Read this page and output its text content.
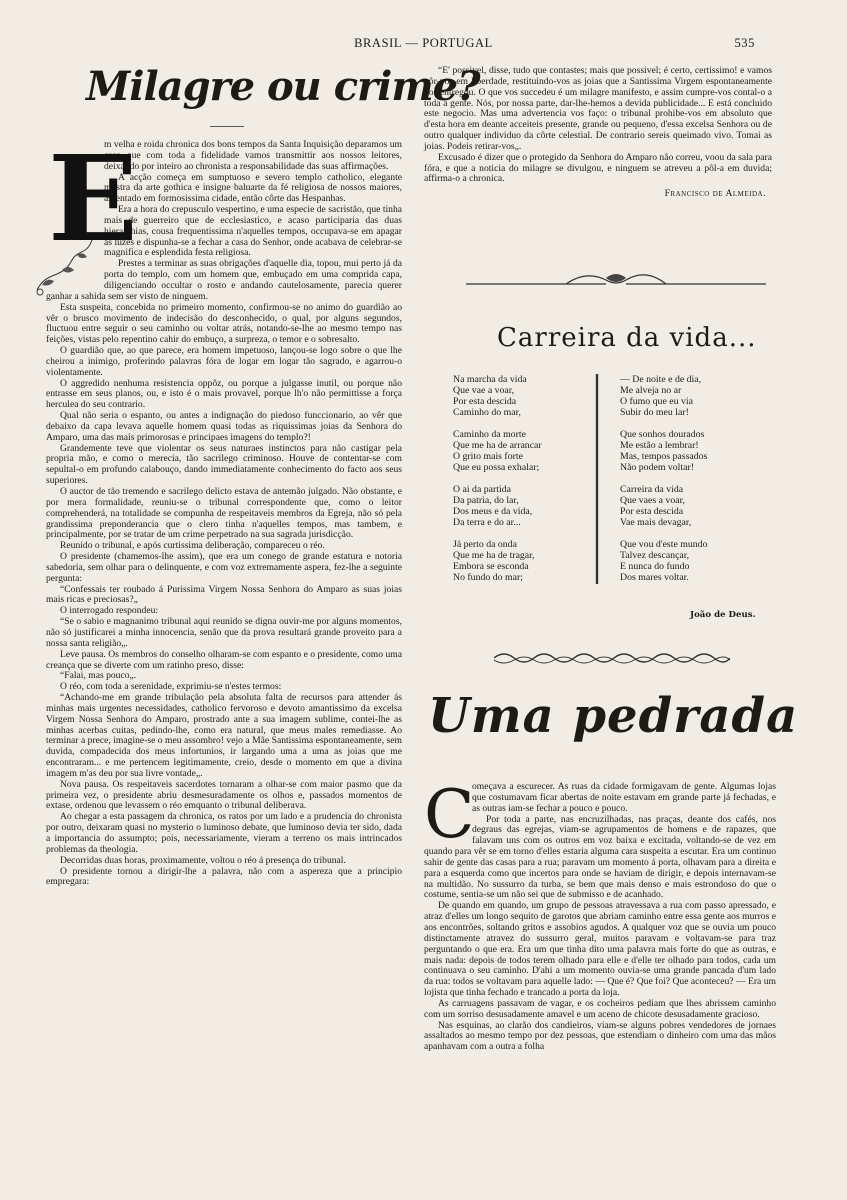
BRASIL — PORTUGAL	535
Milagre ou crime?
E

m velha e roida chronica dos bons tempos da Santa Inquisição deparamos um caso que com toda a fidelidade vamos transmittir aos nossos leitores, deixando por inteiro ao chronista a responsabilidade das suas affirmações.

A acção começa em sumptuoso e severo templo catholico, elegante mostra da arte gothica e insigne baluarte da fé religiosa de nossos maiores, assentado em formosissima cidade, então côrte das Hespanhas.

Era a hora do crepusculo vespertino, e uma especie de sacristão, que tinha mais de guerreiro que de ecclesiastico, e acaso participaria das duas hierarchias, cousa frequentissima n'aquelles tempos, occupava-se em apagar as luzes e dispunha-se a fechar a casa do Senhor, onde acabava de celebrar-se magnifica e esplendida festa religiosa.

Prestes a terminar as suas obrigações d'aquelle dia, topou, mui perto já da porta do templo, com um homem que, embuçado em uma comprida capa, diligenciando occultar o rosto e andando cautelosamente, parecia querer ganhar a sahida sem ser visto de ninguem.

Esta suspeita, concebida no primeiro momento, confirmou-se no animo do guardião ao vêr o brusco movimento de indecisão do desconhecido, o qual, por alguns segundos, fluctuou entre seguir o seu caminho ou voltar atrás, notando-se-lhe ao mesmo tempo nas feições, vistas pelo repentino cahir do embuço, a surpreza, o temor e o sobresalto.

O guardião que, ao que parece, era homem impetuoso, lançou-se logo sobre o que lhe cheirou a inimigo, proferindo palavras fóra de logar em logar tão sagrado, e agarrou-o violentamente.

O aggredido nenhuma resistencia oppôz, ou porque a julgasse inutil, ou porque não entrasse em seus planos, ou, e isto é o mais provavel, porque lh'o não permittisse a força herculea do seu contrario.

Qual não seria o espanto, ou antes a indignação do piedoso funccionario, ao vêr que debaixo da capa levava aquelle homem quasi todas as riquissimas joias da Senhora do Amparo, uma das mais primorosas e principaes imagens do templo?!

Grandemente teve que violentar os seus naturaes instinctos para não castigar pela propria mão, e como o merecia, tão sacrilego criminoso. Houve de contentar-se com sepultal-o em profundo calabouço, dando immediatamente conhecimento do facto aos seus superiores.

O auctor de tão tremendo e sacrilego delicto estava de antemão julgado. Não obstante, e por mera formalidade, reuniu-se o tribunal correspondente que, como o leitor comprehenderá, na totalidade se compunha de respeitaveis membros da Egreja, não só pela grandissima preponderancia que o clero tinha n'aquelles tempos, mas tambem, e principalmente, por se tratar de um crime perpetrado na sua sagrada jurisdicção.

Reunido o tribunal, e após curtissima deliberação, compareceu o réo.

O presidente (chamemos-lhe assim), que era um conego de grande estatura e notoria sabedoria, sem olhar para o delinquente, e com voz extremamente aspera, fez-lhe a seguinte pergunta:

“Confessais ter roubado á Purissima Virgem Nossa Senhora do Amparo as suas joias mais ricas e preciosas?„

O interrogado respondeu:

“Se o sabio e magnanimo tribunal aqui reunido se digna ouvir-me por alguns momentos, não só justificarei a minha innocencia, senão que da prova resultará grande proveito para a nossa santa religião„.

Leve pausa. Os membros do conselho olharam-se com espanto e o presidente, como uma creança que se diverte com um ratinho preso, disse:

“Falai, mas pouco„.

O réo, com toda a serenidade, exprimiu-se n'estes termos:

“Achando-me em grande tribulação pela absoluta falta de recursos para attender ás minhas mais urgentes necessidades, catholico fervoroso e devoto amantissimo da excelsa Virgem Nossa Senhora do Amparo, prostrado ante a sua imagem sublime, contei-lhe as minhas acerbas cuitas, pedindo-lhe, como era natural, que meus males remediasse. Ao terminar a prece, imagine-se o meu assombro! vejo a Mãe Santissima espontaneamente, sem duvida, compadecida dos meus infortunios, ir largando uma a uma as joias que me encontraram... e me pertencem legitimamente, creio, desde o momento em que a divina imagem m'as deu por sua livre vontade„.

Nova pausa. Os respeitaveis sacerdotes tornaram a olhar-se com maior pasmo que da primeira vez, o presidente abriu desmesuradamente os olhos e, passados momentos de extase, ordenou que levassem o réo emquanto o tribunal deliberava.

Ao chegar a esta passagem da chronica, os ratos por um lado e a prudencia do chronista por outro, deixaram quasi no mysterio o luminoso debate, que luminoso devia ter sido, dada a importancia do assumpto; pois, necessariamente, vieram a terreno os mais intrincados problemas da theologia.

Decorridas duas horas, proximamente, voltou o réo á presença do tribunal.

O presidente tornou a dirigir-lhe a palavra, não com a aspereza que a principio empregara:

“E' possivel, disse, tudo que contastes; mais que possivel; é certo, certissimo! e vamos pôr-vos em liberdade, restituindo-vos as joias que a Santissima Virgem espontaneamente vos entregou. O que vos succedeu é um milagre manifesto, e assim cumpre-vos contal-o a toda a gente. Nós, por nossa parte, dar-lhe-hemos a devida publicidade... E está concluido este negocio. Mas uma advertencia vos faço: o tribunal prohibe-vos em absoluto que d'esta hora em deante acceiteis presente, grande ou pequeno, d'essa excelsa Senhora ou de outro qualquer individuo da côrte celestial. De contrario sereis queimado vivo. Tomai as joias. Podeis retirar-vos„.

Excusado é dizer que o protegido da Senhora do Amparo não correu, voou da sala para fóra, e que a noticia do milagre se divulgou, e ninguem se atreveu a pôl-a em duvida; affirma-o a chronica.

Francisco de Almeida.

Carreira da vida...
Na marcha da vida
Que vae a voar,
Por esta descida
Caminho do mar,
Caminho da morte
Que me ha de arrancar
O grito mais forte
Que eu possa exhalar;
O ai da partida
Da patria, do lar,
Dos meus e da vida,
Da terra e do ar...
Já perto da onda
Que me ha de tragar,
Embora se esconda
No fundo do mar;
— De noite e de dia,
Me alveja no ar
O fumo que eu via
Subir do meu lar!
Que sonhos dourados
Me estão a lembrar!
Mas, tempos passados
Não podem voltar!
Carreira da vida
Que vaes a voar,
Por esta descida
Vae mais devagar,
Que vou d'este mundo
Talvez descançar,
E nunca do fundo
Dos mares voltar.
João de Deus.
Uma pedrada
C

omeçava a escurecer. As ruas da cidade formigavam de gente. Algumas lojas que costumavam ficar abertas de noite estavam em grande parte já fechadas, e as outras iam-se fechar a pouco e pouco.

Por toda a parte, nas encruzilhadas, nas praças, deante dos cafés, nos degraus das egrejas, viam-se agrupamentos de homens e de rapazes, que falavam uns com os outros em voz baixa e excitada, voltando-se de vez em quando para vêr se em torno d'elles estaria alguma cara suspeita a escutar. Era um continuo sahir de gente das casas para a rua; paravam um momento á porta, olhavam para a direita e para a esquerda como que incertos para onde se haviam de dirigir, e depois internavam-se na multidão. No sussurro da turba, se bem que mais denso e mais estrondoso do que o costume, sentia-se um não sei que de submisso e de acanhado.

De quando em quando, um grupo de pessoas atravessava a rua com passo apressado, e atraz d'elles um longo sequito de garotos que abriam caminho entre essa gente aos murros e aos encontrões, soltando gritos e assobios agudos. A qualquer voz que se ouvia um pouco distinctamente atravez do sussurro geral, muitos paravam e voltavam-se para traz perguntando o que era. Era um que tinha dito uma palavra mais forte do que as outras, e mais nada: depois de todos terem olhado para elle e d'elle ter olhado para todos, cada um continuava o seu caminho. D'ahi a um momento ouvia-se uma grande pancada d'um lado da rua: todos se voltavam para aquelle lado: — Que é? Que foi? Que aconteceu? — Era um lojista que tinha fechado e trancado a porta da loja.

As carruagens passavam de vagar, e os cocheiros pediam que lhes abrissem caminho com um sorriso desusadamente amavel e um aceno de chicote desusadamente gracioso.

Nas esquinas, ao clarão dos candieiros, viam-se alguns pobres vendedores de jornaes assaltados ao mesmo tempo por dez pessoas, que estendiam o dinheiro com uma das mãos apanhavam com a outra a folha
